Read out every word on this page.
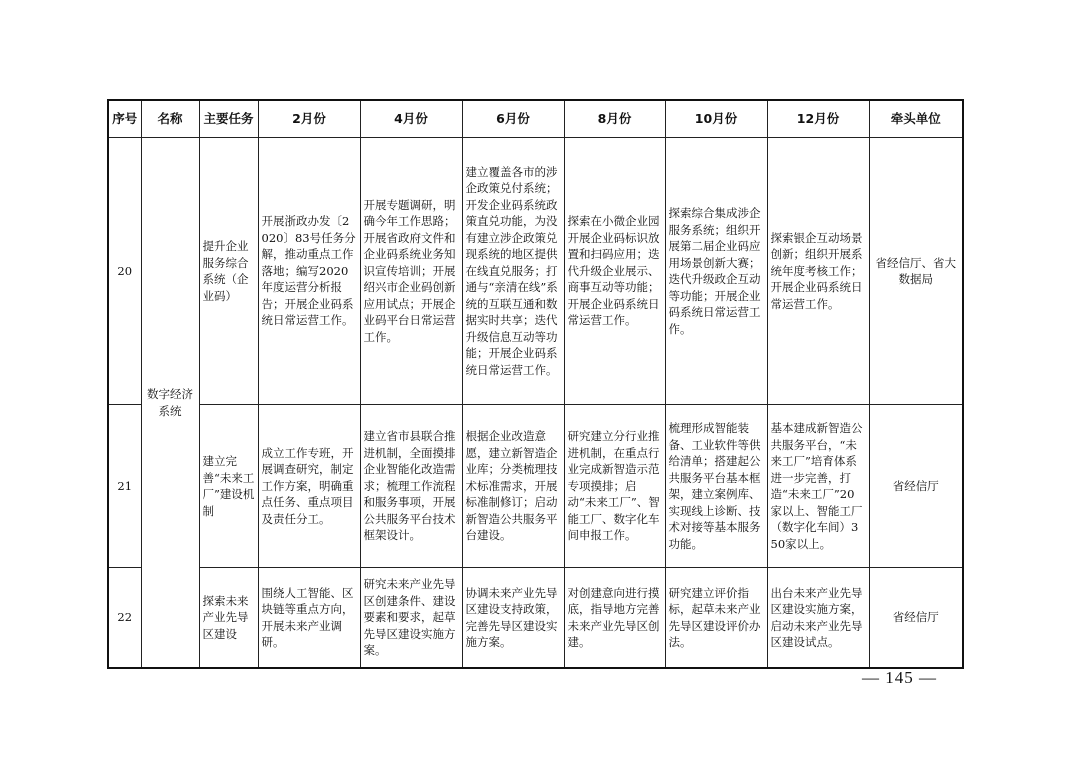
序号	名称	主要任务	2月份	4月份	6月份	8月份	10月份	12月份	牵头单位
20	数字经济系统	提升企业服务综合系统（企业码）	开展浙政办发〔2020〕83号任务分解，推动重点工作落地；编写2020年度运营分析报告；开展企业码系统日常运营工作。	开展专题调研，明确今年工作思路；开展省政府文件和企业码系统业务知识宣传培训；开展绍兴市企业码创新应用试点；开展企业码平台日常运营工作。	建立覆盖各市的涉企政策兑付系统；开发企业码系统政策直兑功能，为没有建立涉企政策兑现系统的地区提供在线直兑服务；打通与“亲清在线”系统的互联互通和数据实时共享；迭代升级信息互动等功能；开展企业码系统日常运营工作。	探索在小微企业园开展企业码标识放置和扫码应用；迭代升级企业展示、商事互动等功能；开展企业码系统日常运营工作。	探索综合集成涉企服务系统；组织开展第二届企业码应用场景创新大赛；迭代升级政企互动等功能；开展企业码系统日常运营工作。	探索银企互动场景创新；组织开展系统年度考核工作；开展企业码系统日常运营工作。	省经信厅、省大数据局
21		建立完善“未来工厂”建设机制	成立工作专班，开展调查研究，制定工作方案，明确重点任务、重点项目及责任分工。	建立省市县联合推进机制，全面摸排企业智能化改造需求；梳理工作流程和服务事项，开展公共服务平台技术框架设计。	根据企业改造意愿，建立新智造企业库；分类梳理技术标准需求，开展标准制修订；启动新智造公共服务平台建设。	研究建立分行业推进机制，在重点行业完成新智造示范专项摸排；启动“未来工厂”、智能工厂、数字化车间申报工作。	梳理形成智能装备、工业软件等供给清单；搭建起公共服务平台基本框架，建立案例库、实现线上诊断、技术对接等基本服务功能。	基本建成新智造公共服务平台，“未来工厂”培育体系进一步完善，打造“未来工厂”20家以上、智能工厂（数字化车间）350家以上。	省经信厅
22		探索未来产业先导区建设	围绕人工智能、区块链等重点方向，开展未来产业调研。	研究未来产业先导区创建条件、建设要素和要求，起草先导区建设实施方案。	协调未来产业先导区建设支持政策，完善先导区建设实施方案。	对创建意向进行摸底，指导地方完善未来产业先导区创建。	研究建立评价指标，起草未来产业先导区建设评价办法。	出台未来产业先导区建设实施方案，启动未来产业先导区建设试点。	省经信厅
— 145 —
